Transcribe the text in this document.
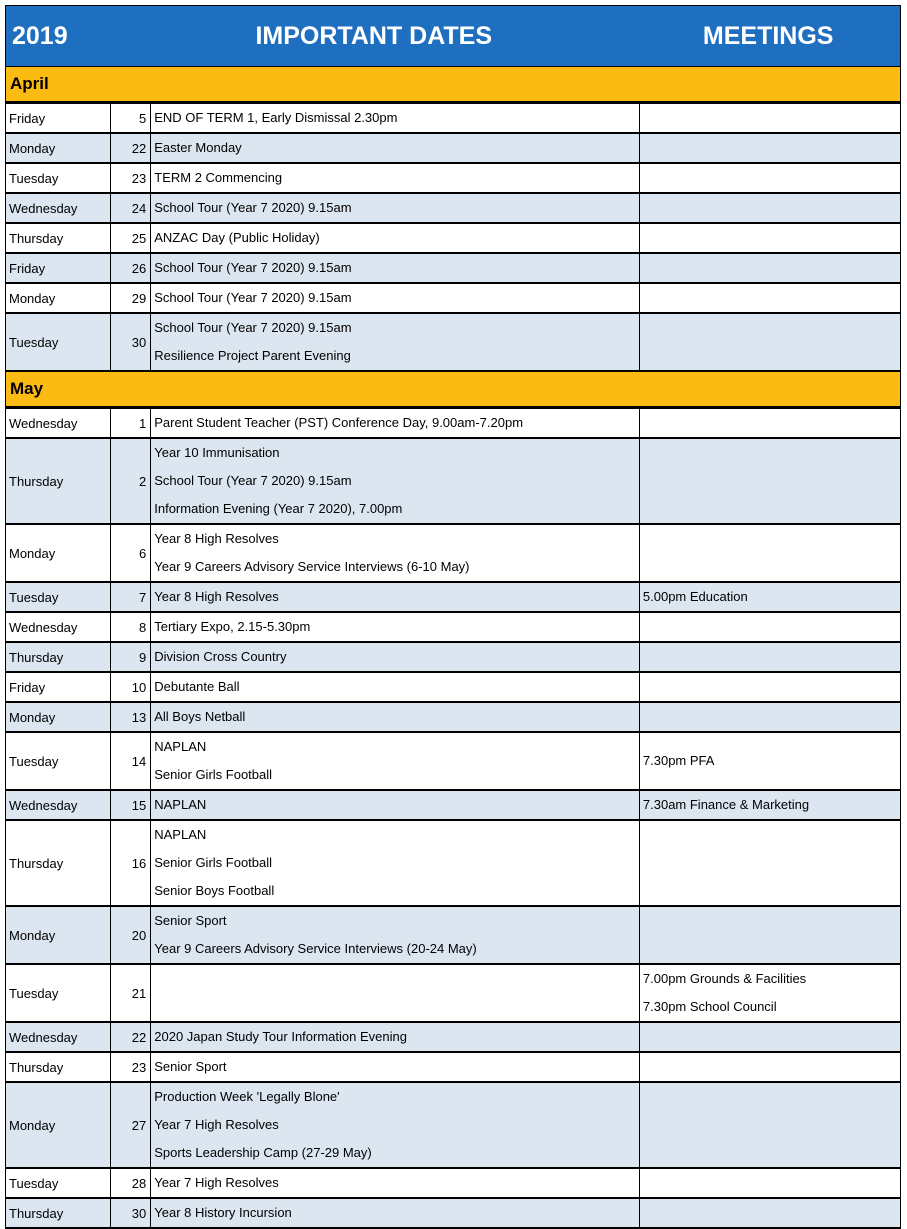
2019	IMPORTANT DATES	MEETINGS
April
Friday	5	END OF TERM 1, Early Dismissal 2.30pm	

Monday	22	Easter Monday	

Tuesday	23	TERM 2 Commencing	

Wednesday	24	School Tour (Year 7 2020) 9.15am	

Thursday	25	ANZAC Day (Public Holiday)	

Friday	26	School Tour (Year 7 2020) 9.15am	

Monday	29	School Tour (Year 7 2020) 9.15am	

Tuesday	30	School Tour (Year 7 2020) 9.15am
Resilience Project Parent Evening	

May
Wednesday	1	Parent Student Teacher (PST) Conference Day, 9.00am-7.20pm	

Thursday	2	Year 10 Immunisation
School Tour (Year 7 2020) 9.15am
Information Evening (Year 7 2020), 7.00pm	

Monday	6	Year 8 High Resolves
Year 9 Careers Advisory Service Interviews (6-10 May)	

Tuesday	7	Year 8 High Resolves	5.00pm Education

Wednesday	8	Tertiary Expo, 2.15-5.30pm	

Thursday	9	Division Cross Country	

Friday	10	Debutante Ball	

Monday	13	All Boys Netball	

Tuesday	14	NAPLAN
Senior Girls Football	7.30pm PFA

Wednesday	15	NAPLAN	7.30am Finance & Marketing

Thursday	16	NAPLAN
Senior Girls Football
Senior Boys Football	

Monday	20	Senior Sport
Year 9 Careers Advisory Service Interviews (20-24 May)	

Tuesday	21		7.00pm Grounds & Facilities
7.30pm School Council

Wednesday	22	2020 Japan Study Tour Information Evening	

Thursday	23	Senior Sport	

Monday	27	Production Week 'Legally Blone'
Year 7 High Resolves
Sports Leadership Camp (27-29 May)	

Tuesday	28	Year 7 High Resolves	

Thursday	30	Year 8 History Incursion	
